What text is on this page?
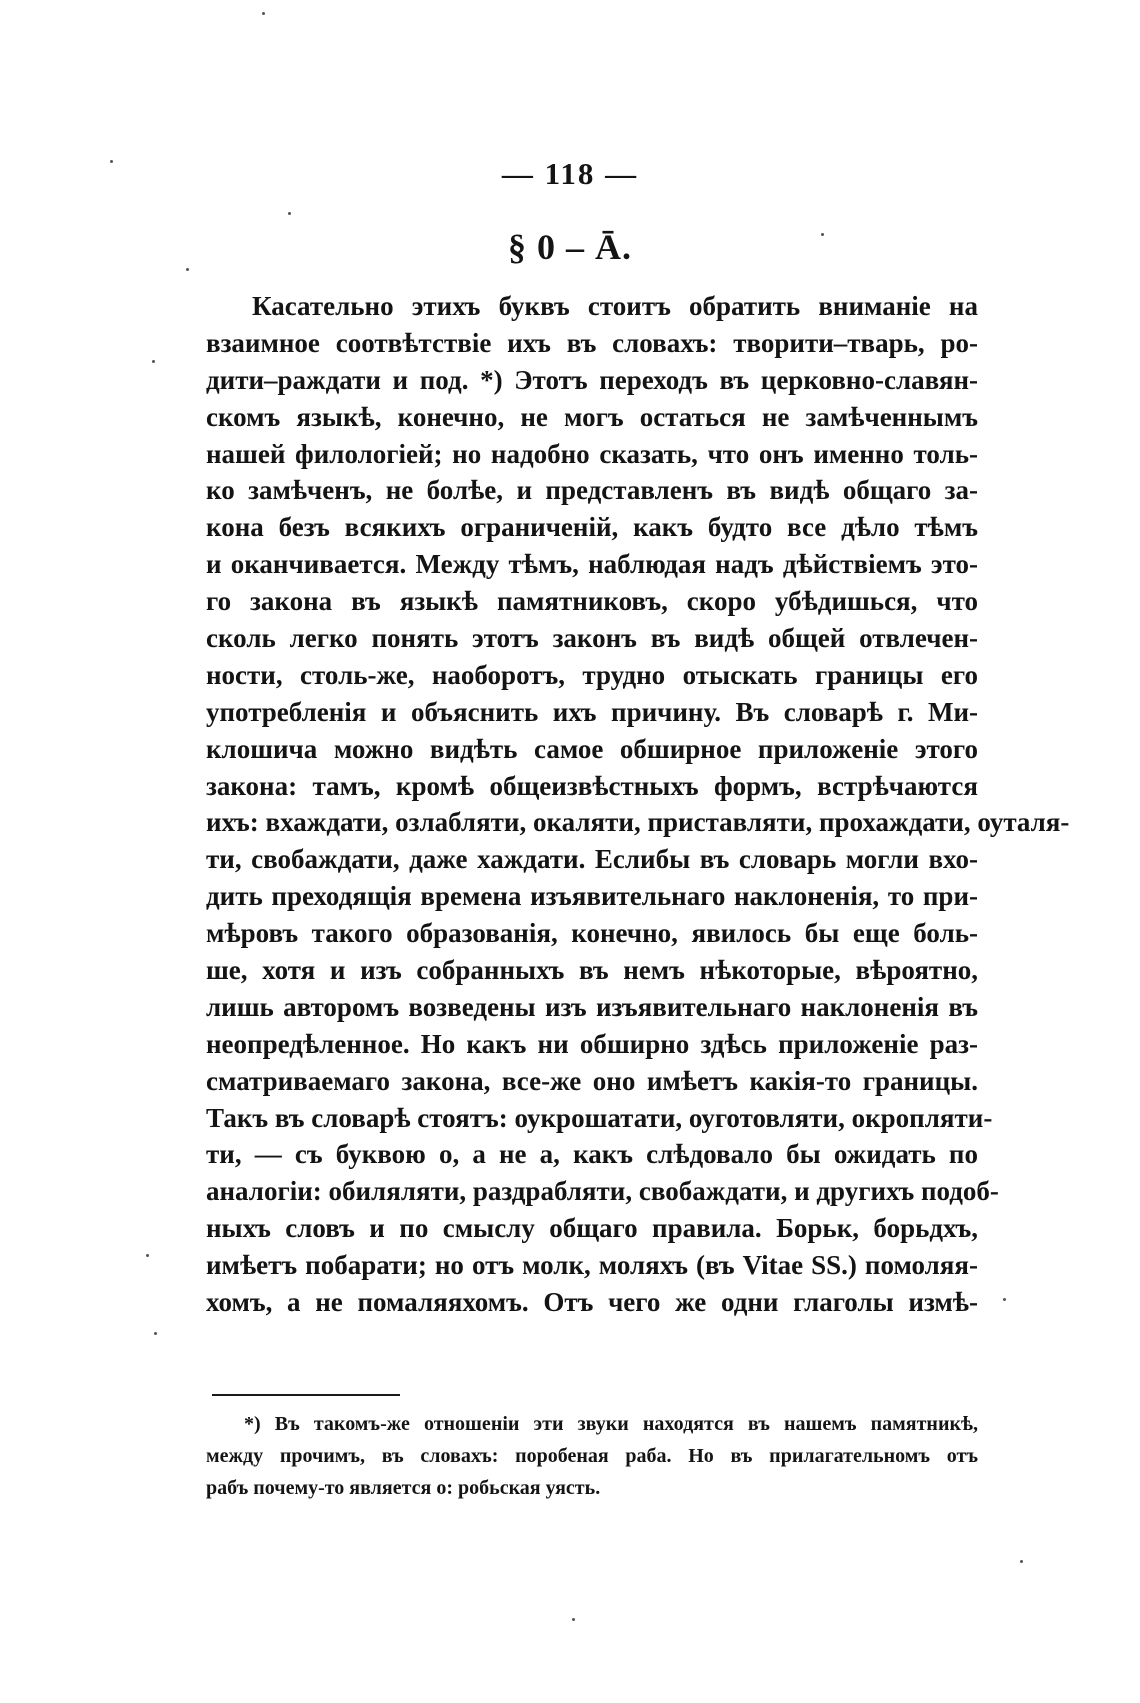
— 118 —
§ 0 – Ā.
Касательно этихъ буквъ стоитъ обратить вниманіе на
взаимное соотвѣтствіе ихъ въ словахъ: творити–тварь, ро-
дити–раждати и под. *) Этотъ переходъ въ церковно-славян-
скомъ языкѣ, конечно, не могъ остаться не замѣченнымъ
нашей филологіей; но надобно сказать, что онъ именно толь-
ко замѣченъ, не болѣе, и представленъ въ видѣ общаго за-
кона безъ всякихъ ограниченій, какъ будто все дѣло тѣмъ
и оканчивается. Между тѣмъ, наблюдая надъ дѣйствіемъ это-
го закона въ языкѣ памятниковъ, скоро убѣдишься, что
сколь легко понять этотъ законъ въ видѣ общей отвлечен-
ности, столь-же, наоборотъ, трудно отыскать границы его
употребленія и объяснить ихъ причину. Въ словарѣ г. Ми-
клошича можно видѣть самое обширное приложеніе этого
закона: тамъ, кромѣ общеизвѣстныхъ формъ, встрѣчаются
ихъ: вхаждати, озлабляти, окаляти, приставляти, прохаждати, оуталя-
ти, свобаждати, даже хаждати. Еслибы въ словарь могли вхо-
дить преходящія времена изъявительнаго наклоненія, то при-
мѣровъ такого образованія, конечно, явилось бы еще боль-
ше, хотя и изъ собранныхъ въ немъ нѣкоторые, вѣроятно,
лишь авторомъ возведены изъ изъявительнаго наклоненія въ
неопредѣленное. Но какъ ни обширно здѣсь приложеніе раз-
сматриваемаго закона, все-же оно имѣетъ какія-то границы.
Такъ въ словарѣ стоятъ: оукрошатати, оуготовляти, окропляти-
ти, — съ буквою о, а не а, какъ слѣдовало бы ожидать по
аналогіи: обиляляти, раздрабляти, свобаждати, и другихъ подоб-
ныхъ словъ и по смыслу общаго правила. Борьк, борьдхъ,
имѣетъ побарати; но отъ молк, моляхъ (въ Vitae SS.) помоляя-
хомъ, а не помаляяхомъ. Отъ чего же одни глаголы измѣ-
*) Въ такомъ-же отношеніи эти звуки находятся въ нашемъ памятникѣ,
между прочимъ, въ словахъ: поробеная раба. Но въ прилагательномъ отъ
рабъ почему-то является о: робьская уясть.
